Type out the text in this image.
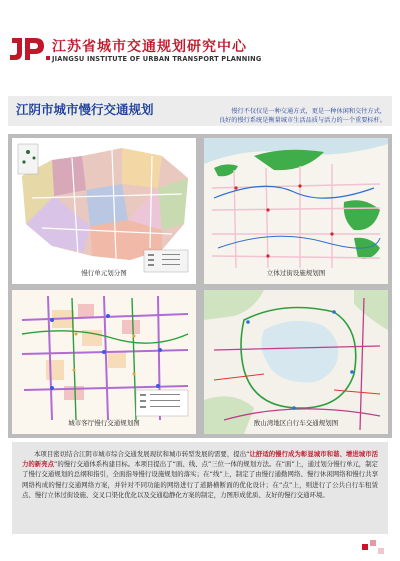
江苏省城市交通规划研究中心
JIANGSU INSTITUTE OF URBAN TRANSPORT PLANNING
江阴市城市慢行交通规划	慢行不仅仅是一种交通方式，更是一种休闲和交往方式，
良好的慢行系统是衡量城市生活品质与活力的一个重要标杆。
慢行单元划分图	立体过街设施规划图
城市客厅慢行交通规划图	敔山湾地区自行车交通规划图
本项目密切结合江阴市城市综合交通发展现状和城市转型发展的需要，提出“让舒适的慢行成为彰显城市和谐、增进城市活力的新亮点”的慢行交通体系构建目标。本项目提出了“面、线、点”三位一体的规划方法。在“面”上，通过划分慢行单元，制定了慢行交通规划的总纲和指引，全面指导慢行设施规划的落实；在“线”上，制定了由慢行通勤网络、慢行休闲网络和慢行共享网络构成的慢行交通网络方案，并针对不同功能的网络进行了道路横断面的优化设计；在“点”上，则进行了公共自行车租赁点、慢行立体过街设施、交叉口渠化优化以及交通稳静化方案的制定，力图形成优质、友好的慢行交通环境。
